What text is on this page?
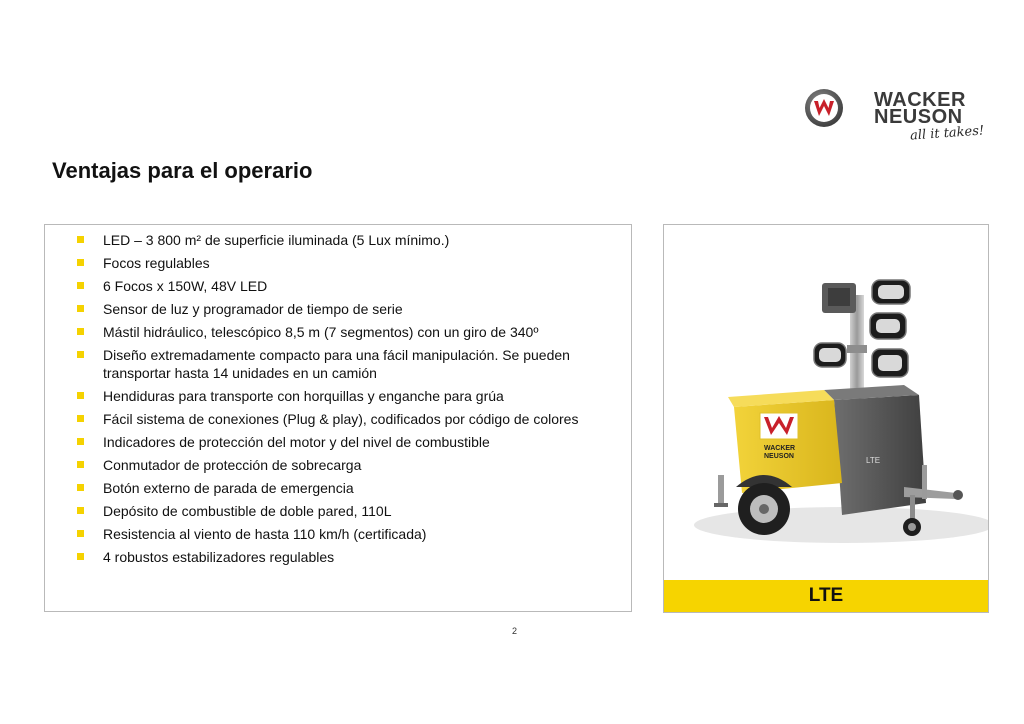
WACKER
NEUSON
all it takes!
Ventajas para el operario
LED – 3 800 m² de superficie iluminada (5 Lux mínimo.)
Focos regulables
6 Focos x 150W, 48V LED
Sensor de luz y programador de tiempo de serie
Mástil hidráulico, telescópico 8,5 m (7 segmentos) con un giro de 340º
Diseño extremadamente compacto para una fácil manipulación. Se pueden transportar hasta 14 unidades en un camión
Hendiduras para transporte con horquillas y enganche para grúa
Fácil sistema de conexiones (Plug & play), codificados por código de colores
Indicadores de protección del motor y del nivel de combustible
Conmutador de protección de sobrecarga
Botón externo de parada de emergencia
Depósito de combustible de doble pared, 110L
Resistencia al viento de hasta 110 km/h (certificada)
4 robustos estabilizadores regulables
WACKER
NEUSON	LTE
LTE
2
